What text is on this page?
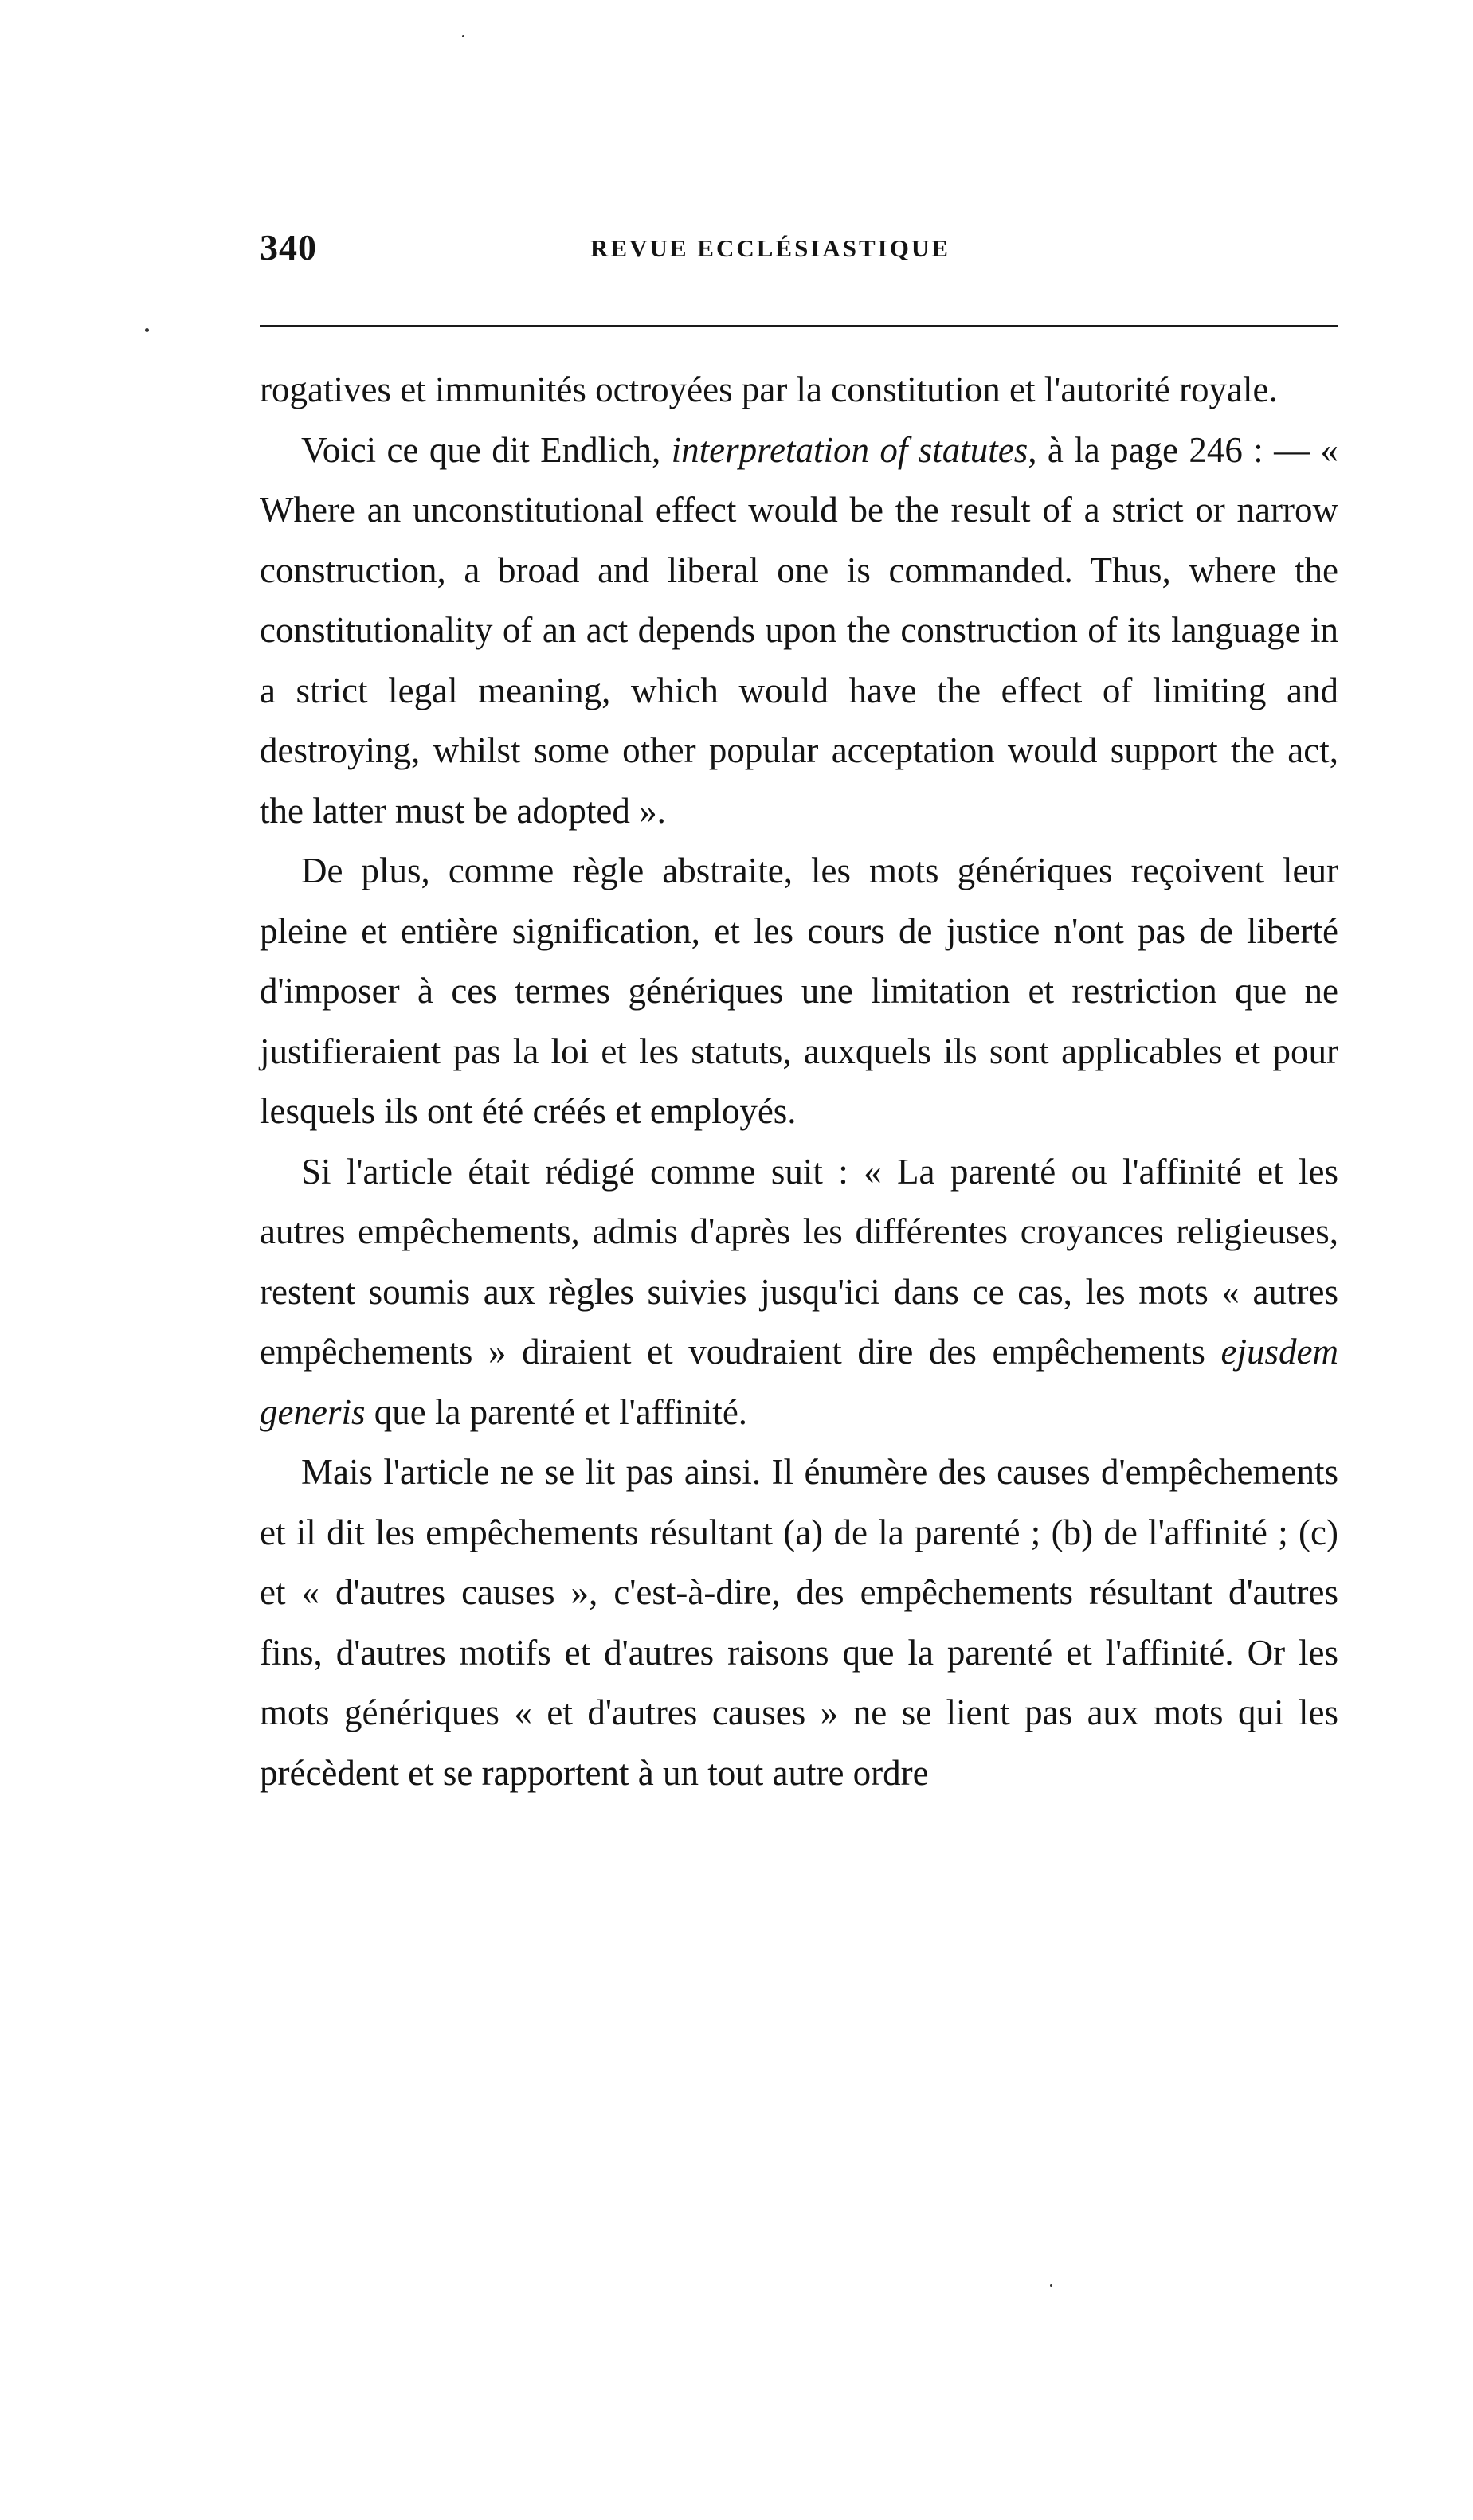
340	REVUE ECCLÉSIASTIQUE

rogatives et immunités octroyées par la constitution et l'autorité royale.

Voici ce que dit Endlich, interpretation of statutes, à la page 246 : — « Where an unconstitutional effect would be the result of a strict or narrow construction, a broad and liberal one is commanded. Thus, where the constitutionality of an act depends upon the construction of its language in a strict legal meaning, which would have the effect of limiting and destroying, whilst some other popular acceptation would support the act, the latter must be adopted ».

De plus, comme règle abstraite, les mots génériques reçoivent leur pleine et entière signification, et les cours de justice n'ont pas de liberté d'imposer à ces termes génériques une limitation et restriction que ne justifieraient pas la loi et les statuts, auxquels ils sont applicables et pour lesquels ils ont été créés et employés.

Si l'article était rédigé comme suit : « La parenté ou l'affinité et les autres empêchements, admis d'après les différentes croyances religieuses, restent soumis aux règles suivies jusqu'ici dans ce cas, les mots « autres empêchements » diraient et voudraient dire des empêchements ejusdem generis que la parenté et l'affinité.

Mais l'article ne se lit pas ainsi. Il énumère des causes d'empêchements et il dit les empêchements résultant (a) de la parenté ; (b) de l'affinité ; (c) et « d'autres causes », c'est-à-dire, des empêchements résultant d'autres fins, d'autres motifs et d'autres raisons que la parenté et l'affinité. Or les mots génériques « et d'autres causes » ne se lient pas aux mots qui les précèdent et se rapportent à un tout autre ordre
